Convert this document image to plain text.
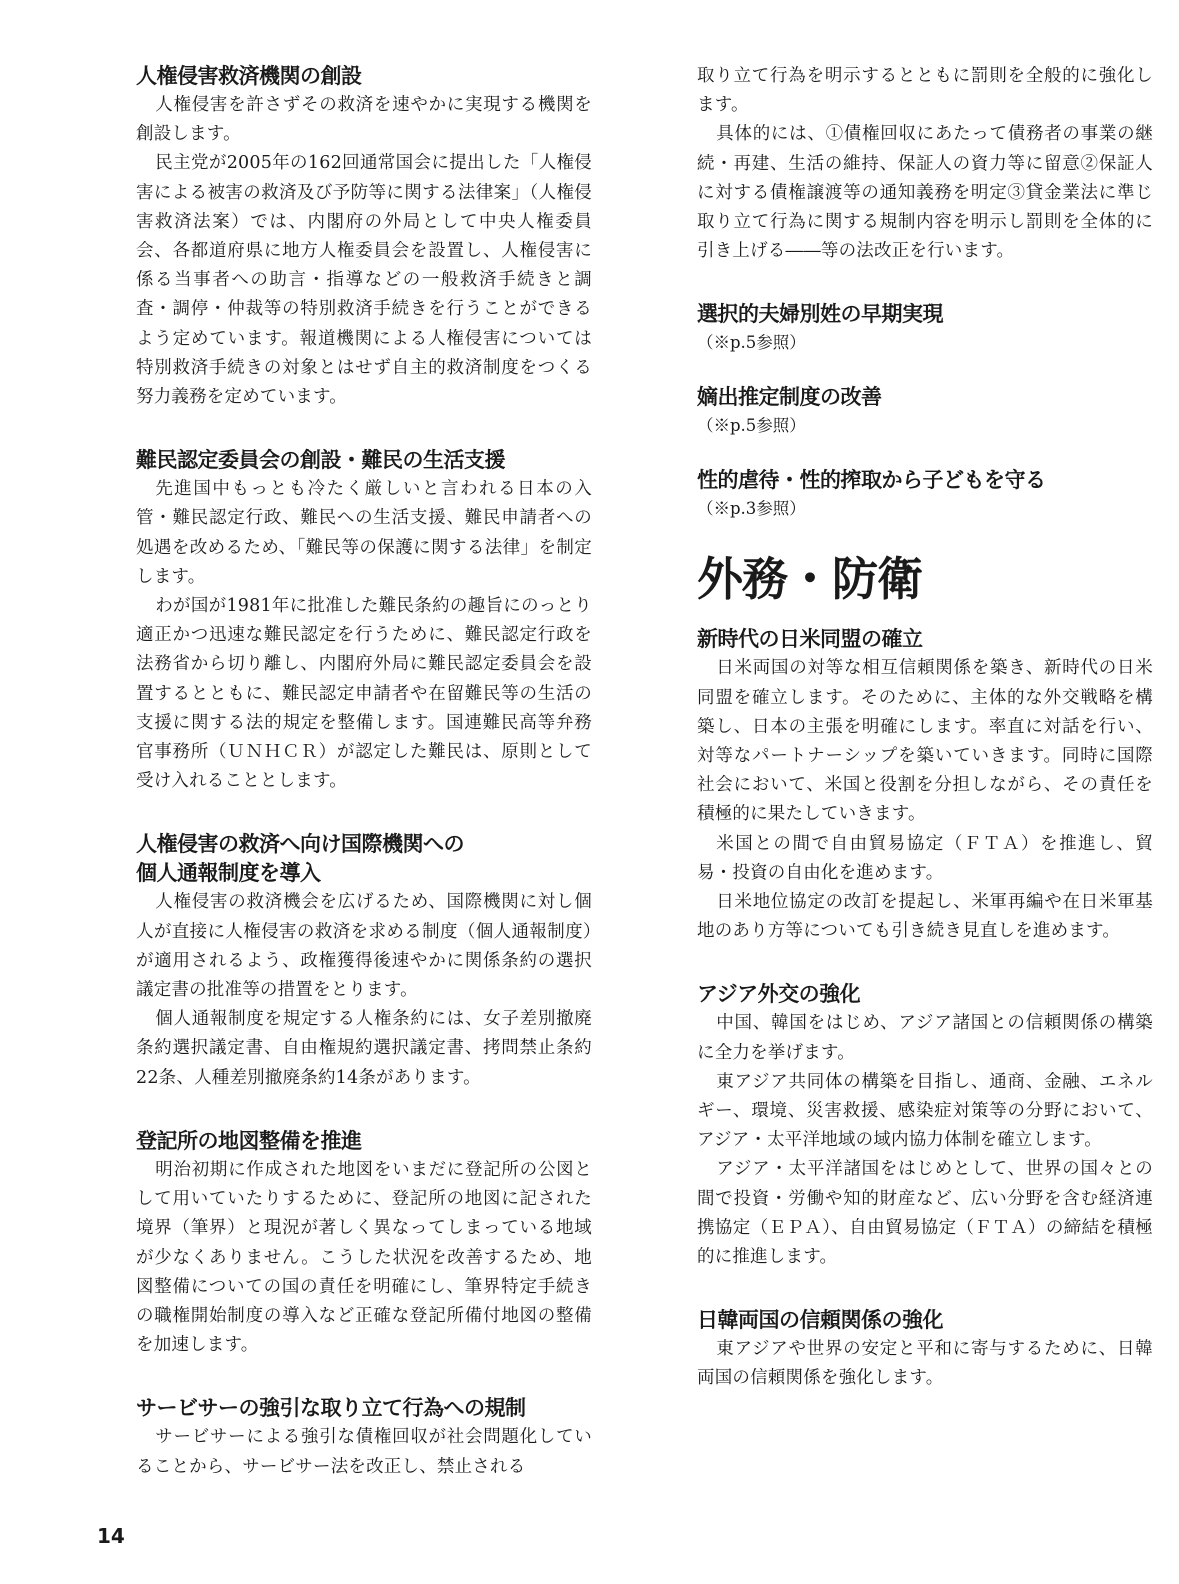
人権侵害救済機関の創設

人権侵害を許さずその救済を速やかに実現する機関を創設します。

民主党が2005年の162回通常国会に提出した「人権侵害による被害の救済及び予防等に関する法律案」（人権侵害救済法案）では、内閣府の外局として中央人権委員会、各都道府県に地方人権委員会を設置し、人権侵害に係る当事者への助言・指導などの一般救済手続きと調査・調停・仲裁等の特別救済手続きを行うことができるよう定めています。報道機関による人権侵害については特別救済手続きの対象とはせず自主的救済制度をつくる努力義務を定めています。

難民認定委員会の創設・難民の生活支援

先進国中もっとも冷たく厳しいと言われる日本の入管・難民認定行政、難民への生活支援、難民申請者への処遇を改めるため、「難民等の保護に関する法律」を制定します。

わが国が1981年に批准した難民条約の趣旨にのっとり適正かつ迅速な難民認定を行うために、難民認定行政を法務省から切り離し、内閣府外局に難民認定委員会を設置するとともに、難民認定申請者や在留難民等の生活の支援に関する法的規定を整備します。国連難民高等弁務官事務所（ＵＮＨＣＲ）が認定した難民は、原則として受け入れることとします。

人権侵害の救済へ向け国際機関への
個人通報制度を導入

人権侵害の救済機会を広げるため、国際機関に対し個人が直接に人権侵害の救済を求める制度（個人通報制度）が適用されるよう、政権獲得後速やかに関係条約の選択議定書の批准等の措置をとります。

個人通報制度を規定する人権条約には、女子差別撤廃条約選択議定書、自由権規約選択議定書、拷問禁止条約22条、人種差別撤廃条約14条があります。

登記所の地図整備を推進

明治初期に作成された地図をいまだに登記所の公図として用いていたりするために、登記所の地図に記された境界（筆界）と現況が著しく異なってしまっている地域が少なくありません。こうした状況を改善するため、地図整備についての国の責任を明確にし、筆界特定手続きの職権開始制度の導入など正確な登記所備付地図の整備を加速します。

サービサーの強引な取り立て行為への規制

サービサーによる強引な債権回収が社会問題化していることから、サービサー法を改正し、禁止される

取り立て行為を明示するとともに罰則を全般的に強化します。

具体的には、①債権回収にあたって債務者の事業の継続・再建、生活の維持、保証人の資力等に留意②保証人に対する債権譲渡等の通知義務を明定③貸金業法に準じ取り立て行為に関する規制内容を明示し罰則を全体的に引き上げる――等の法改正を行います。

選択的夫婦別姓の早期実現

（※p.5参照）

嫡出推定制度の改善

（※p.5参照）

性的虐待・性的搾取から子どもを守る

（※p.3参照）

外務・防衛
新時代の日米同盟の確立

日米両国の対等な相互信頼関係を築き、新時代の日米同盟を確立します。そのために、主体的な外交戦略を構築し、日本の主張を明確にします。率直に対話を行い、対等なパートナーシップを築いていきます。同時に国際社会において、米国と役割を分担しながら、その責任を積極的に果たしていきます。

米国との間で自由貿易協定（ＦＴＡ）を推進し、貿易・投資の自由化を進めます。

日米地位協定の改訂を提起し、米軍再編や在日米軍基地のあり方等についても引き続き見直しを進めます。

アジア外交の強化

中国、韓国をはじめ、アジア諸国との信頼関係の構築に全力を挙げます。

東アジア共同体の構築を目指し、通商、金融、エネルギー、環境、災害救援、感染症対策等の分野において、アジア・太平洋地域の域内協力体制を確立します。

アジア・太平洋諸国をはじめとして、世界の国々との間で投資・労働や知的財産など、広い分野を含む経済連携協定（ＥＰＡ）、自由貿易協定（ＦＴＡ）の締結を積極的に推進します。

日韓両国の信頼関係の強化

東アジアや世界の安定と平和に寄与するために、日韓両国の信頼関係を強化します。

14
